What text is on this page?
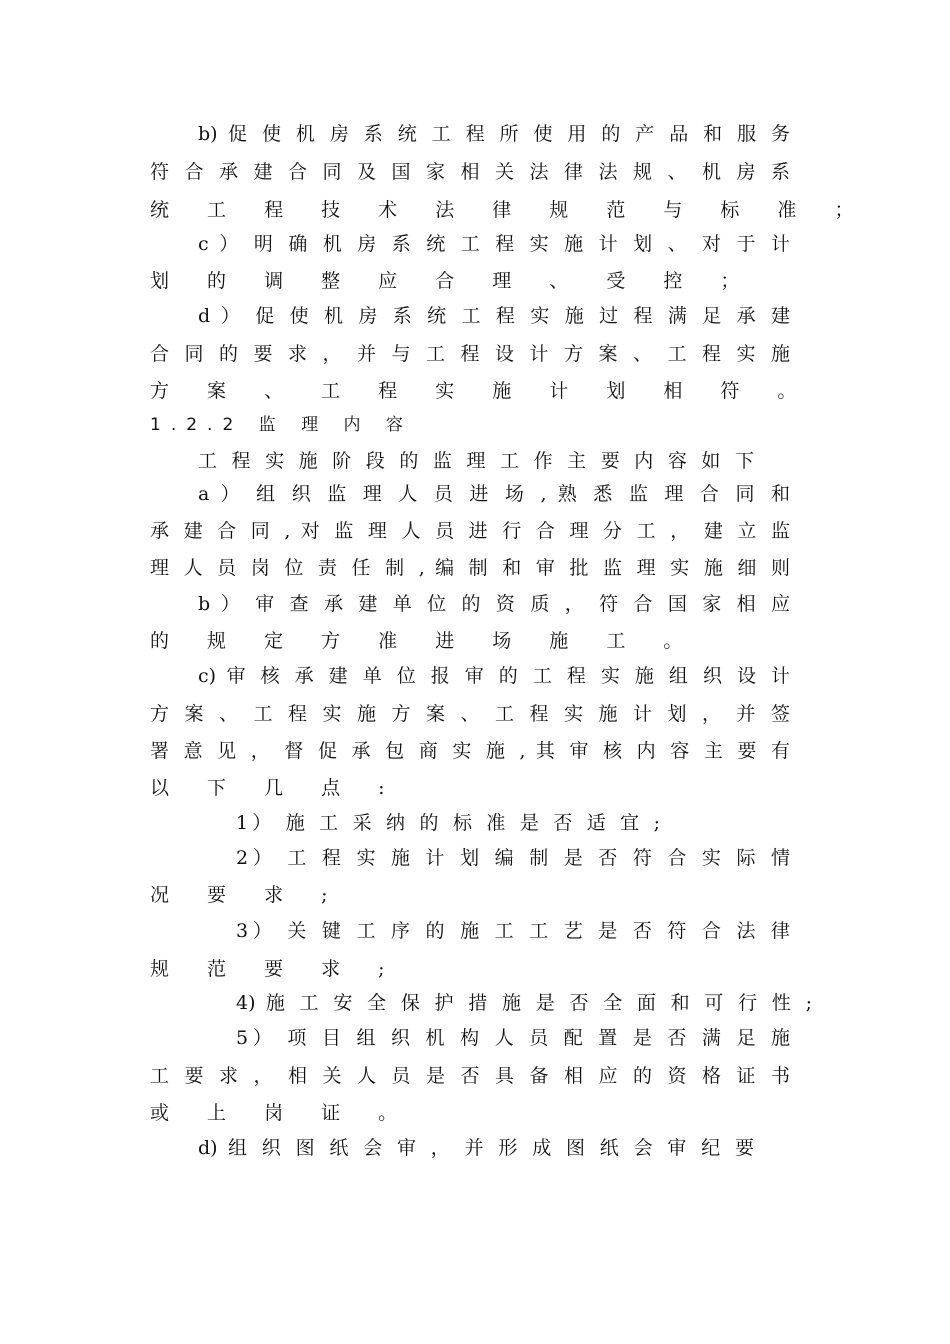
b) 促 使 机 房 系 统 工 程 所 使 用 的 产 品 和 服 务
符 合 承 建 合 同 及 国 家 相 关 法 律 法 规 、 机 房 系
统 工 程 技 术 法 律 规 范 与 标 准 ；
c ） 明 确 机 房 系 统 工 程 实 施 计 划 、 对 于 计
划 的 调 整 应 合 理 、 受 控 ；
d ） 促 使 机 房 系 统 工 程 实 施 过 程 满 足 承 建
合 同 的 要 求 ， 并 与 工 程 设 计 方 案 、 工 程 实 施
方 案 、 工 程 实 施 计 划 相 符 。
1.2.2 监 理 内 容
工 程 实 施 阶 段 的 监 理 工 作 主 要 内 容 如 下
a ） 组 织 监 理 人 员 进 场 , 熟 悉 监 理 合 同 和
承 建 合 同 , 对 监 理 人 员 进 行 合 理 分 工 ， 建 立 监
理 人 员 岗 位 责 任 制 , 编 制 和 审 批 监 理 实 施 细 则
b ） 审 查 承 建 单 位 的 资 质 ， 符 合 国 家 相 应
的 规 定 方 准 进 场 施 工 。
c) 审 核 承 建 单 位 报 审 的 工 程 实 施 组 织 设 计
方 案 、 工 程 实 施 方 案 、 工 程 实 施 计 划 ， 并 签
署 意 见 ， 督 促 承 包 商 实 施 , 其 审 核 内 容 主 要 有
以 下 几 点 :
1） 施 工 采 纳 的 标 准 是 否 适 宜 ;
2） 工 程 实 施 计 划 编 制 是 否 符 合 实 际 情
况 要 求 ;
3） 关 键 工 序 的 施 工 工 艺 是 否 符 合 法 律
规 范 要 求 ;
4) 施 工 安 全 保 护 措 施 是 否 全 面 和 可 行 性 ;
5） 项 目 组 织 机 构 人 员 配 置 是 否 满 足 施
工 要 求 ， 相 关 人 员 是 否 具 备 相 应 的 资 格 证 书
或 上 岗 证 。
d) 组 织 图 纸 会 审 ， 并 形 成 图 纸 会 审 纪 要
